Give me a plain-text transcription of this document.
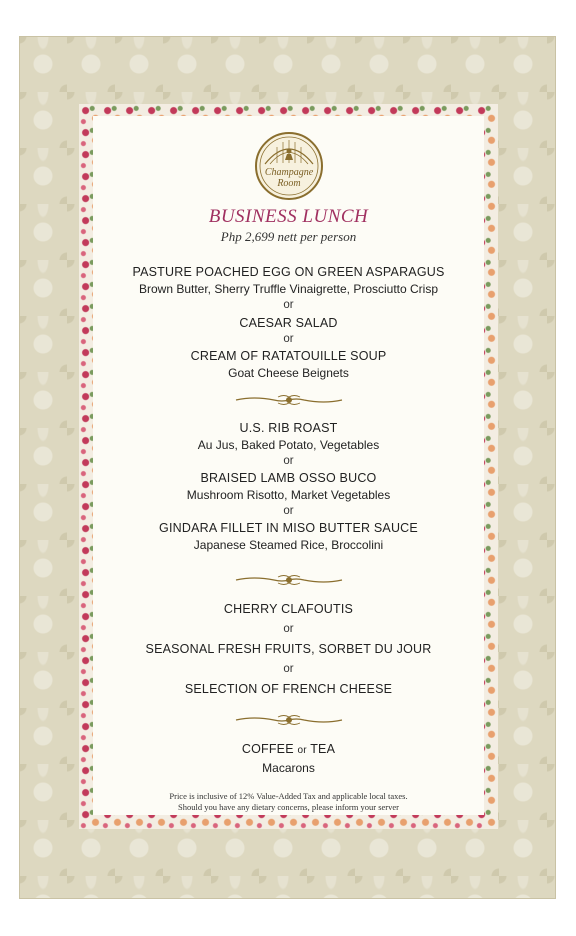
Champagne
Room
BUSINESS LUNCH
Php 2,699 nett per person
PASTURE POACHED EGG ON GREEN ASPARAGUS
Brown Butter, Sherry Truffle Vinaigrette, Prosciutto Crisp
or
CAESAR SALAD
or
CREAM OF RATATOUILLE SOUP
Goat Cheese Beignets
U.S. RIB ROAST
Au Jus, Baked Potato, Vegetables
or
BRAISED LAMB OSSO BUCO
Mushroom Risotto, Market Vegetables
or
GINDARA FILLET IN MISO BUTTER SAUCE
Japanese Steamed Rice, Broccolini
CHERRY CLAFOUTIS
or
SEASONAL FRESH FRUITS, SORBET DU JOUR
or
SELECTION OF FRENCH CHEESE
COFFEE or TEA
Macarons
Price is inclusive of 12% Value-Added Tax and applicable local taxes.
Should you have any dietary concerns, please inform your server
